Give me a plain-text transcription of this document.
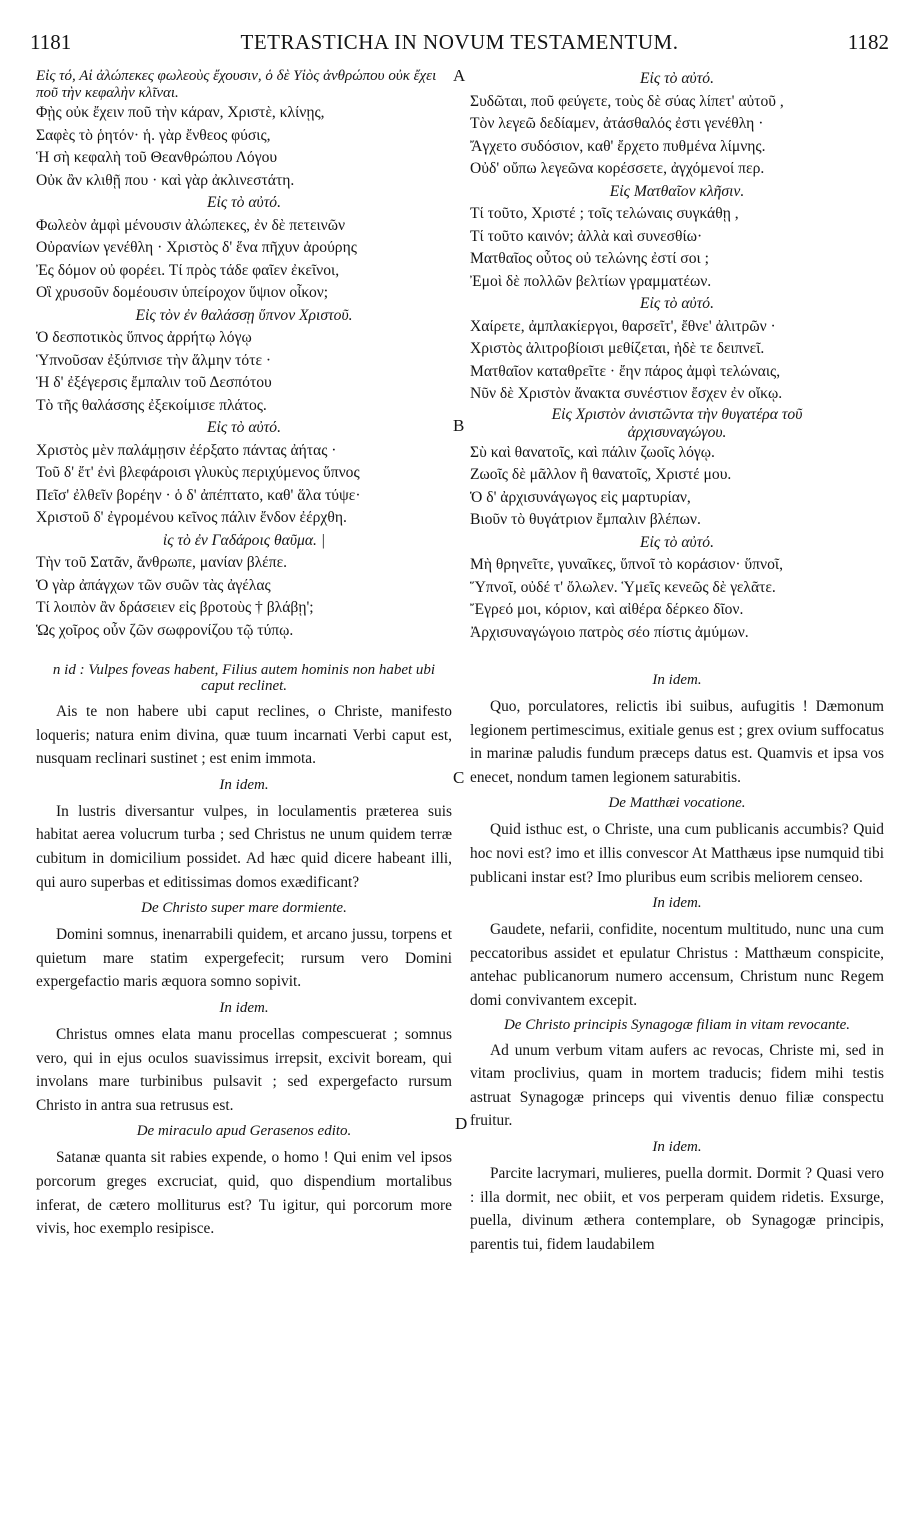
1181	TETRASTICHA IN NOVUM TESTAMENTUM.	1182
A
B
C
D
Εἰς τό, Αἱ ἀλώπεκες φωλεοὺς ἔχουσιν, ὁ δὲ Υἱὸς ἀνθρώπου οὐκ ἔχει ποῦ τὴν κεφαλὴν κλῖναι.
Φῂς οὐκ ἔχειν ποῦ τὴν κάραν, Χριστὲ, κλίνῃς,
Σαφὲς τὸ ῥητόν· ἡ. γὰρ ἔνθεος φύσις,
Ἡ σὴ κεφαλὴ τοῦ Θεανθρώπου Λόγου
Οὐκ ἂν κλιθῇ που · καὶ γὰρ ἀκλινεστάτη.
Εἰς τὸ αὐτό.
Φωλεὸν ἀμφὶ μένουσιν ἀλώπεκες, ἐν δὲ πετεινῶν
Οὐρανίων γενέθλη · Χριστὸς δ' ἕνα πῆχυν ἀρούρης
Ἐς δόμον οὐ φορέει. Τί πρὸς τάδε φαῖεν ἐκεῖνοι,
Οἳ χρυσοῦν δομέουσιν ὑπείροχον ὕψιον οἶκον;
Εἰς τὸν ἐν θαλάσσῃ ὕπνον Χριστοῦ.
Ὁ δεσποτικὸς ὕπνος ἀρρήτῳ λόγῳ
Ὑπνοῦσαν ἐξύπνισε τὴν ἅλμην τότε ·
Ἡ δ' ἐξέγερσις ἔμπαλιν τοῦ Δεσπότου
Τὸ τῆς θαλάσσης ἐξεκοίμισε πλάτος.
Εἰς τὸ αὐτό.
Χριστὸς μὲν παλάμῃσιν ἐέρξατο πάντας ἀήτας ·
Τοῦ δ' ἔτ' ἐνὶ βλεφάροισι γλυκὺς περιχύμενος ὕπνος
Πεῖσ' ἐλθεῖν βορέην · ὁ δ' ἀπέπτατο, καθ' ἅλα τύψε·
Χριστοῦ δ' ἐγρομένου κεῖνος πάλιν ἔνδον ἐέρχθη.
ἰς τὸ ἐν Γαδάροις θαῦμα. |
Τὴν τοῦ Σατᾶν, ἄνθρωπε, μανίαν βλέπε.
Ὁ γὰρ ἀπάγχων τῶν συῶν τὰς ἀγέλας
Τί λοιπὸν ἂν δράσειεν εἰς βροτοὺς † βλάβῃ';
Ὡς χοῖρος οὖν ζῶν σωφρονίζου τῷ τύπῳ.
n id : Vulpes foveas habent, Filius autem hominis non habet ubi caput reclinet.

Ais te non habere ubi caput reclines, o Christe, manifesto loqueris; natura enim divina, quæ tuum incarnati Verbi caput est, nusquam reclinari sustinet ; est enim immota.

In idem.

In lustris diversantur vulpes, in loculamentis præterea suis habitat aerea volucrum turba ; sed Christus ne unum quidem terræ cubitum in domicilium possidet. Ad hæc quid dicere habeant illi, qui auro superbas et editissimas domos exædificant?

De Christo super mare dormiente.

Domini somnus, inenarrabili quidem, et arcano jussu, torpens et quietum mare statim expergefecit; rursum vero Domini expergefactio maris æquora somno sopivit.

In idem.

Christus omnes elata manu procellas compescuerat ; somnus vero, qui in ejus oculos suavissimus irrepsit, excivit boream, qui involans mare turbinibus pulsavit ; sed expergefacto rursum Christo in antra sua retrusus est.

De miraculo apud Gerasenos edito.

Satanæ quanta sit rabies expende, o homo ! Qui enim vel ipsos porcorum greges excruciat, quid, quo dispendium mortalibus inferat, de cætero molliturus est? Tu igitur, qui porcorum more vivis, hoc exemplo resipisce.

Εἰς τὸ αὐτό.
Συδῶται, ποῦ φεύγετε, τοὺς δὲ σύας λίπετ' αὐτοῦ ,
Τὸν λεγεῶ δεδίαμεν, ἀτάσθαλός ἐστι γενέθλη ·
Ἄγχετο συδόσιον, καθ' ἔρχετο πυθμένα λίμνης.
Οὐδ' οὔπω λεγεῶνα κορέσσετε, ἀγχόμενοί περ.
Εἰς Ματθαῖον κλῆσιν.
Τί τοῦτο, Χριστέ ; τοῖς τελώναις συγκάθῃ ,
Τί τοῦτο καινόν; ἀλλὰ καὶ συνεσθίω·
Ματθαῖος οὗτος οὐ τελώνης ἐστί σοι ;
Ἐμοὶ δὲ πολλῶν βελτίων γραμματέων.
Εἰς τὸ αὐτό.
Χαίρετε, ἀμπλακίεργοι, θαρσεῖτ', ἔθνε' ἀλιτρῶν ·
Χριστὸς ἀλιτροβίοισι μεθίζεται, ἠδὲ τε δειπνεῖ.
Ματθαῖον καταθρεῖτε · ἔην πάρος ἀμφὶ τελώναις,
Νῦν δὲ Χριστὸν ἄνακτα συνέστιον ἔσχεν ἐν οἴκῳ.
Εἰς Χριστὸν ἀνιστῶντα τὴν θυγατέρα τοῦ ἀρχισυναγώγου.
Σὺ καὶ θανατοῖς, καὶ πάλιν ζωοῖς λόγῳ.
Ζωοῖς δὲ μᾶλλον ἢ θανατοῖς, Χριστέ μου.
Ὁ δ' ἀρχισυνάγωγος εἰς μαρτυρίαν,
Βιοῦν τὸ θυγάτριον ἔμπαλιν βλέπων.
Εἰς τὸ αὐτό.
Μὴ θρηνεῖτε, γυναῖκες, ὕπνοῖ τὸ κοράσιον· ὕπνοῖ,
Ὕπνοῖ, οὐδέ τ' ὄλωλεν. Ὑμεῖς κενεῶς δὲ γελᾶτε.
Ἔγρεό μοι, κόριον, καὶ αἰθέρα δέρκεο δῖον.
Ἀρχισυναγώγοιο πατρὸς σέο πίστις ἀμύμων.
In idem.

Quo, porculatores, relictis ibi suibus, aufugitis ! Dæmonum legionem pertimescimus, exitiale genus est ; grex ovium suffocatus in marinæ paludis fundum præceps datus est. Quamvis et ipsa vos enecet, nondum tamen legionem saturabitis.

De Matthæi vocatione.

Quid isthuc est, o Christe, una cum publicanis accumbis? Quid hoc novi est? imo et illis convescor At Matthæus ipse numquid tibi publicani instar est? Imo pluribus eum scribis meliorem censeo.

In idem.

Gaudete, nefarii, confidite, nocentum multitudo, nunc una cum peccatoribus assidet et epulatur Christus : Matthæum conspicite, antehac publicanorum numero accensum, Christum nunc Regem domi convivantem excepit.

De Christo principis Synagogæ filiam in vitam revocante.

Ad unum verbum vitam aufers ac revocas, Christe mi, sed in vitam proclivius, quam in mortem traducis; fidem mihi testis astruat Synagogæ princeps qui viventis denuo filiæ conspectu fruitur.

In idem.

Parcite lacrymari, mulieres, puella dormit. Dormit ? Quasi vero : illa dormit, nec obiit, et vos perperam quidem ridetis. Exsurge, puella, divinum æthera contemplare, ob Synagogæ principis, parentis tui, fidem laudabilem
